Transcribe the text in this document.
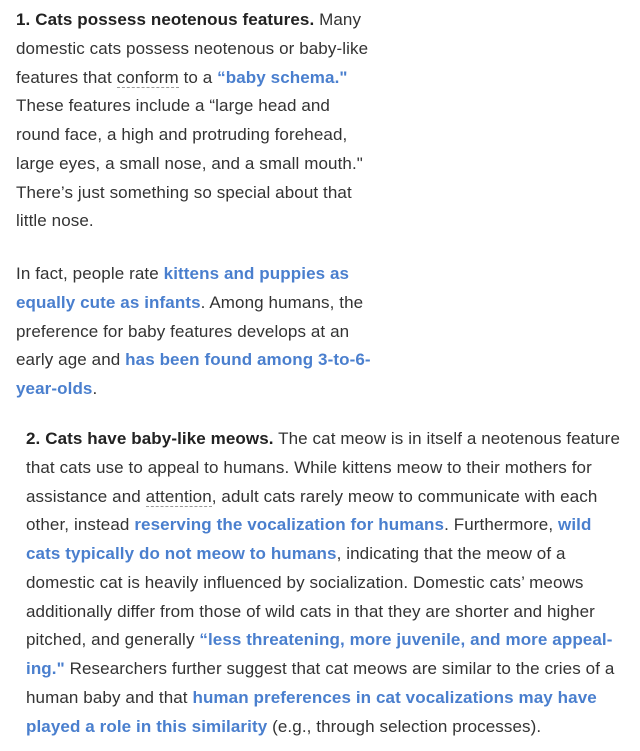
1. Cats possess neotenous features. Many domestic cats possess neotenous or baby-like features that conform to a “baby schema." These features include a “large head and round face, a high and protruding forehead, large eyes, a small nose, and a small mouth." There’s just something so special about that little nose.

In fact, people rate kittens and puppies as equally cute as infants. Among humans, the preference for baby features develops at an early age and has been found among 3-to-6-year-olds.

2. Cats have baby-like meows. The cat meow is in itself a neotenous feature that cats use to appeal to humans. While kittens meow to their mothers for assistance and attention, adult cats rarely meow to communicate with each other, instead reserving the vocalization for humans. Furthermore, wild cats typically do not meow to humans, indicating that the meow of a domestic cat is heavily influenced by socialization. Domestic cats’ meows additionally differ from those of wild cats in that they are shorter and higher pitched, and generally “less threatening, more juvenile, and more appealing." Researchers further suggest that cat meows are similar to the cries of a human baby and that human preferences in cat vocalizations may have played a role in this similarity (e.g., through selection processes).
